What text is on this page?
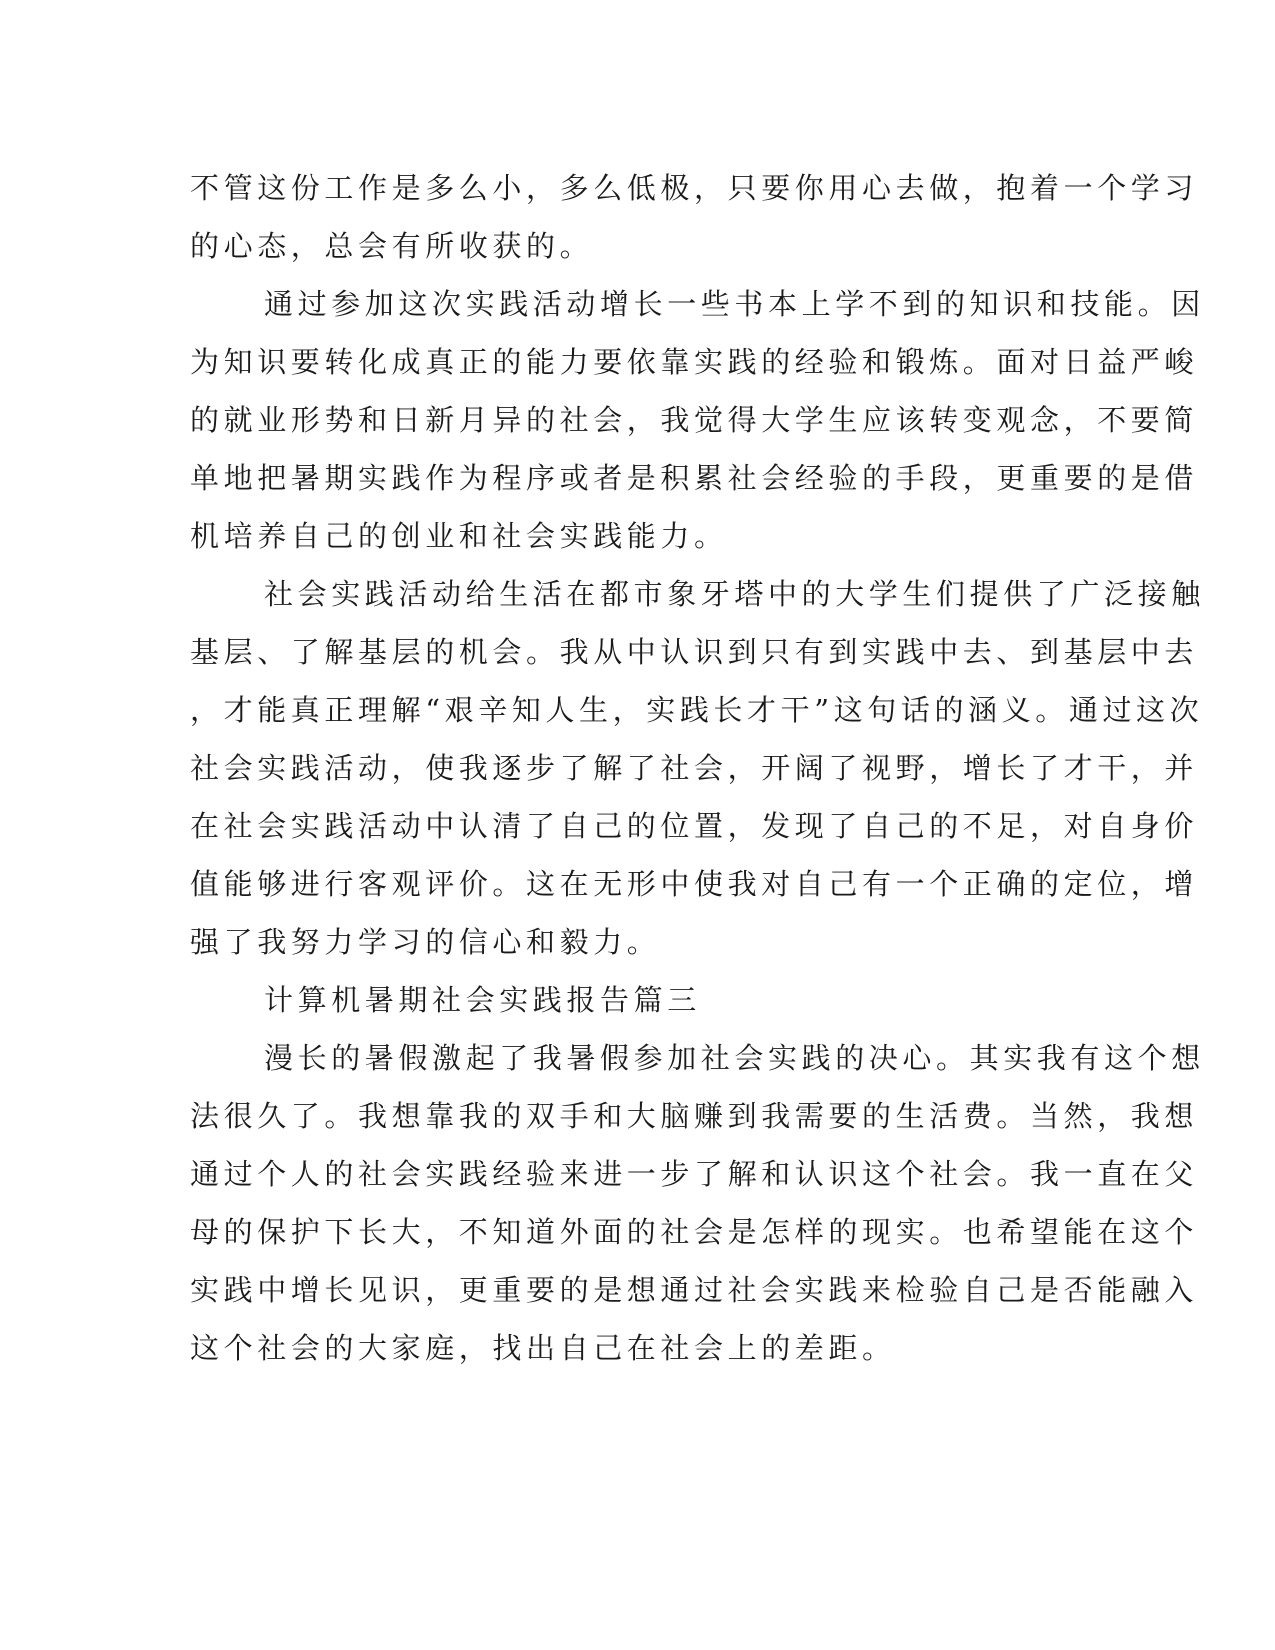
不管这份工作是多么小，多么低极，只要你用心去做，抱着一个学习
的心态，总会有所收获的。
通过参加这次实践活动增长一些书本上学不到的知识和技能。因
为知识要转化成真正的能力要依靠实践的经验和锻炼。面对日益严峻
的就业形势和日新月异的社会，我觉得大学生应该转变观念，不要简
单地把暑期实践作为程序或者是积累社会经验的手段，更重要的是借
机培养自己的创业和社会实践能力。
社会实践活动给生活在都市象牙塔中的大学生们提供了广泛接触
基层、了解基层的机会。我从中认识到只有到实践中去、到基层中去
，才能真正理解“艰辛知人生，实践长才干”这句话的涵义。通过这次
社会实践活动，使我逐步了解了社会，开阔了视野，增长了才干，并
在社会实践活动中认清了自己的位置，发现了自己的不足，对自身价
值能够进行客观评价。这在无形中使我对自己有一个正确的定位，增
强了我努力学习的信心和毅力。
计算机暑期社会实践报告篇三
漫长的暑假激起了我暑假参加社会实践的决心。其实我有这个想
法很久了。我想靠我的双手和大脑赚到我需要的生活费。当然，我想
通过个人的社会实践经验来进一步了解和认识这个社会。我一直在父
母的保护下长大，不知道外面的社会是怎样的现实。也希望能在这个
实践中增长见识，更重要的是想通过社会实践来检验自己是否能融入
这个社会的大家庭，找出自己在社会上的差距。
